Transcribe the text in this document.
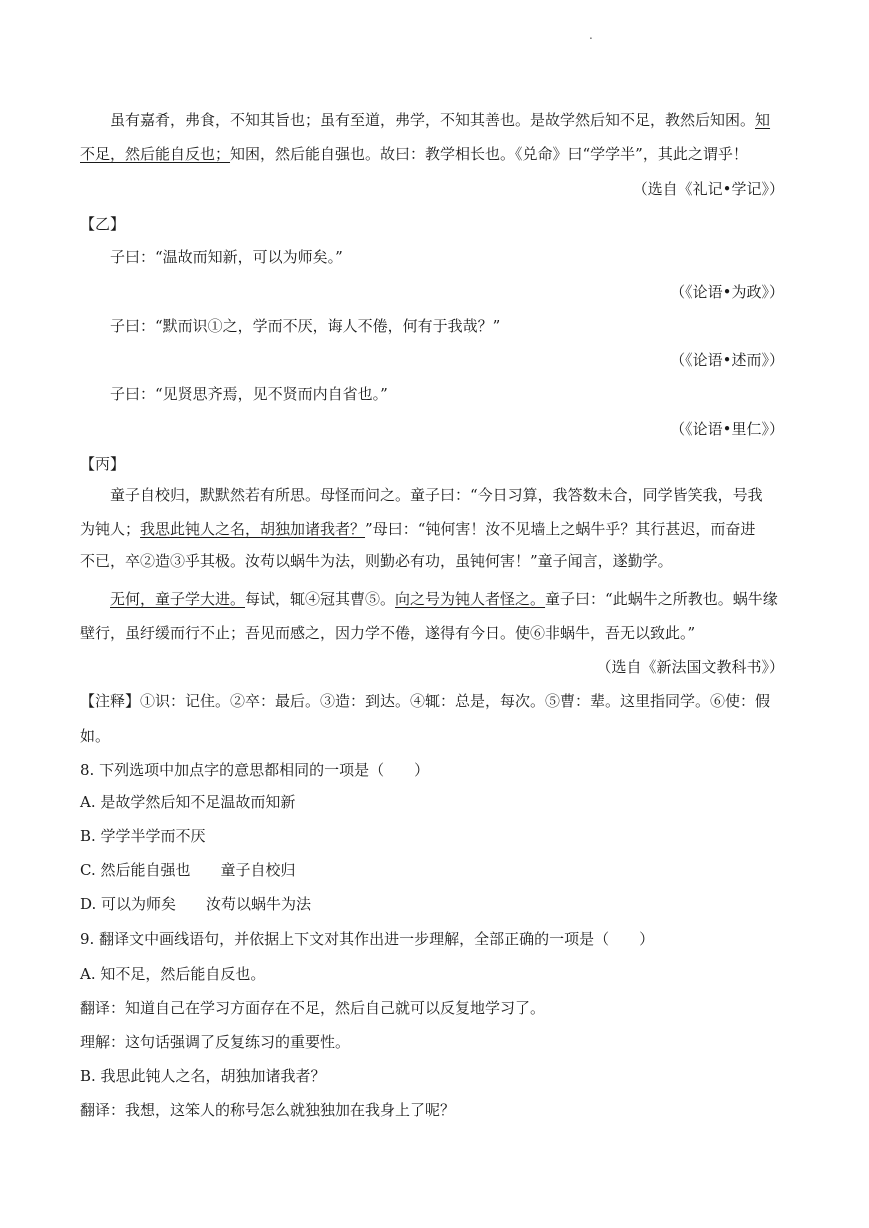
.
虽有嘉肴，弗食，不知其旨也；虽有至道，弗学，不知其善也。是故学然后知不足，教然后知困。知
不足，然后能自反也；知困，然后能自强也。故曰：教学相长也。《兑命》曰“学学半”，其此之谓乎！
（选自《礼记•学记》）
【乙】
子曰：“温故而知新，可以为师矣。”
（《论语•为政》）
子曰：“默而识①之，学而不厌，诲人不倦，何有于我哉？”
（《论语•述而》）
子曰：“见贤思齐焉，见不贤而内自省也。”
（《论语•里仁》）
【丙】
童子自校归，默默然若有所思。母怪而问之。童子曰：“今日习算，我答数未合，同学皆笑我，号我
为钝人；我思此钝人之名，胡独加诸我者？”母曰：“钝何害！汝不见墙上之蜗牛乎？其行甚迟，而奋进
不已，卒②造③乎其极。汝苟以蜗牛为法，则勤必有功，虽钝何害！”童子闻言，遂勤学。
无何，童子学大进。每试，辄④冠其曹⑤。向之号为钝人者怪之。童子曰：“此蜗牛之所教也。蜗牛缘
壁行，虽纡缓而行不止；吾见而感之，因力学不倦，遂得有今日。使⑥非蜗牛，吾无以致此。”
（选自《新法国文教科书》）
【注释】①识：记住。②卒：最后。③造：到达。④辄：总是，每次。⑤曹：辈。这里指同学。⑥使：假
如。
8. 下列选项中加点字的意思都相同的一项是（　　）
A. 是故学然后知不足温故而知新
B. 学学半学而不厌
C. 然后能自强也　　童子自校归
D. 可以为师矣　　汝苟以蜗牛为法
9. 翻译文中画线语句，并依据上下文对其作出进一步理解，全部正确的一项是（　　）
A. 知不足，然后能自反也。
翻译：知道自己在学习方面存在不足，然后自己就可以反复地学习了。
理解：这句话强调了反复练习的重要性。
B. 我思此钝人之名，胡独加诸我者？
翻译：我想，这笨人的称号怎么就独独加在我身上了呢？
